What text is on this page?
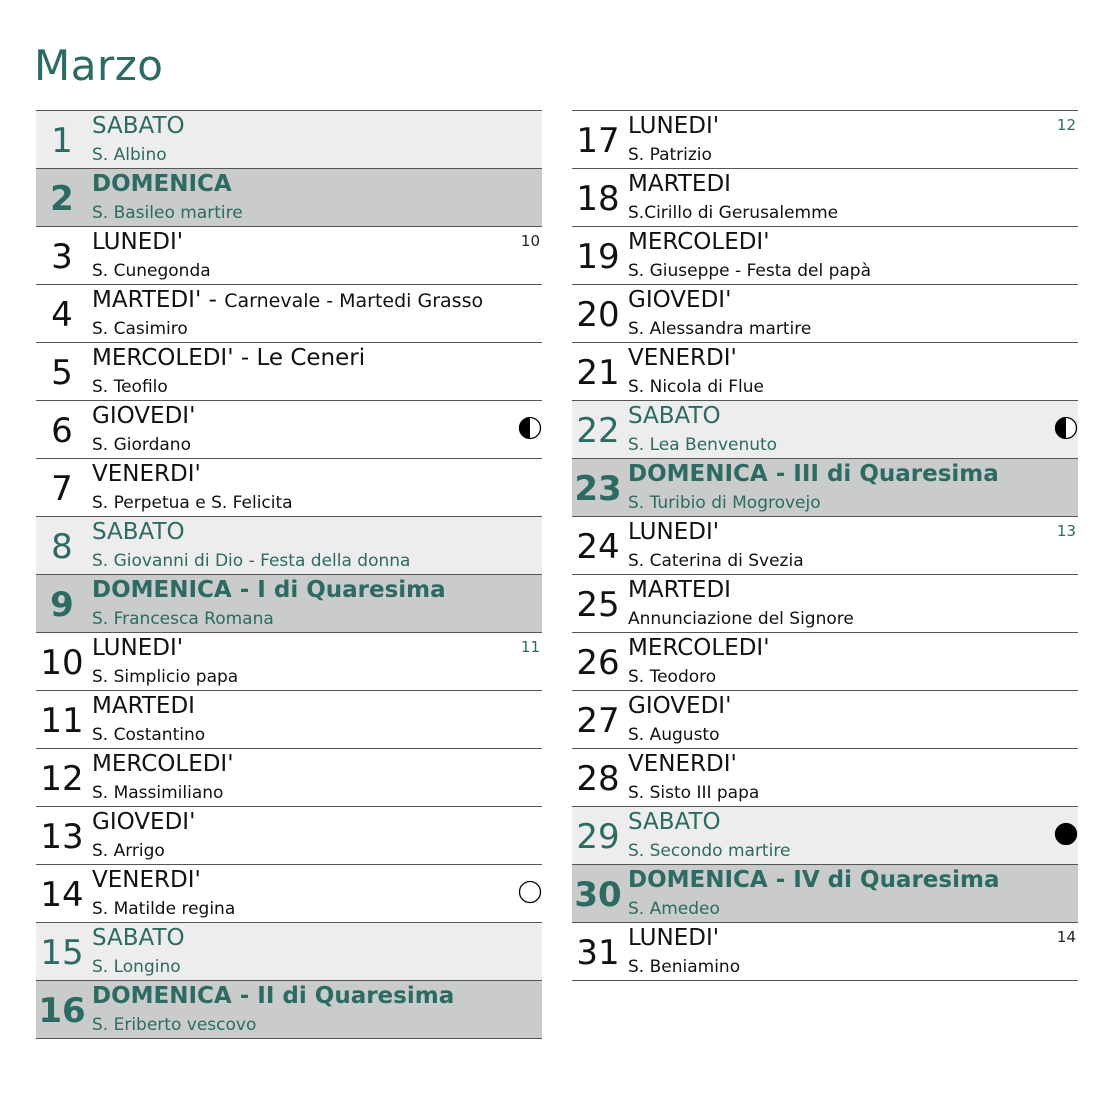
Marzo
1 SABATO
S. Albino
2 DOMENICA
S. Basileo martire
3 LUNEDI'
S. Cunegonda
10
4 MARTEDI' - Carnevale - Martedi Grasso
S. Casimiro
5 MERCOLEDI' - Le Ceneri
S. Teofilo
6 GIOVEDI'
S. Giordano
7 VENERDI'
S. Perpetua e S. Felicita
8 SABATO
S. Giovanni di Dio - Festa della donna
9 DOMENICA - I di Quaresima
S. Francesca Romana
10 LUNEDI'
S. Simplicio papa
11
11 MARTEDI
S. Costantino
12 MERCOLEDI'
S. Massimiliano
13 GIOVEDI'
S. Arrigo
14 VENERDI'
S. Matilde regina
15 SABATO
S. Longino
16 DOMENICA - II di Quaresima
S. Eriberto vescovo
17 LUNEDI'
S. Patrizio
12
18 MARTEDI
S.Cirillo di Gerusalemme
19 MERCOLEDI'
S. Giuseppe - Festa del papà
20 GIOVEDI'
S. Alessandra martire
21 VENERDI'
S. Nicola di Flue
22 SABATO
S. Lea Benvenuto
23 DOMENICA - III di Quaresima
S. Turibio di Mogrovejo
24 LUNEDI'
S. Caterina di Svezia
13
25 MARTEDI
Annunciazione del Signore
26 MERCOLEDI'
S. Teodoro
27 GIOVEDI'
S. Augusto
28 VENERDI'
S. Sisto III papa
29 SABATO
S. Secondo martire
30 DOMENICA - IV di Quaresima
S. Amedeo
31 LUNEDI'
S. Beniamino
14
